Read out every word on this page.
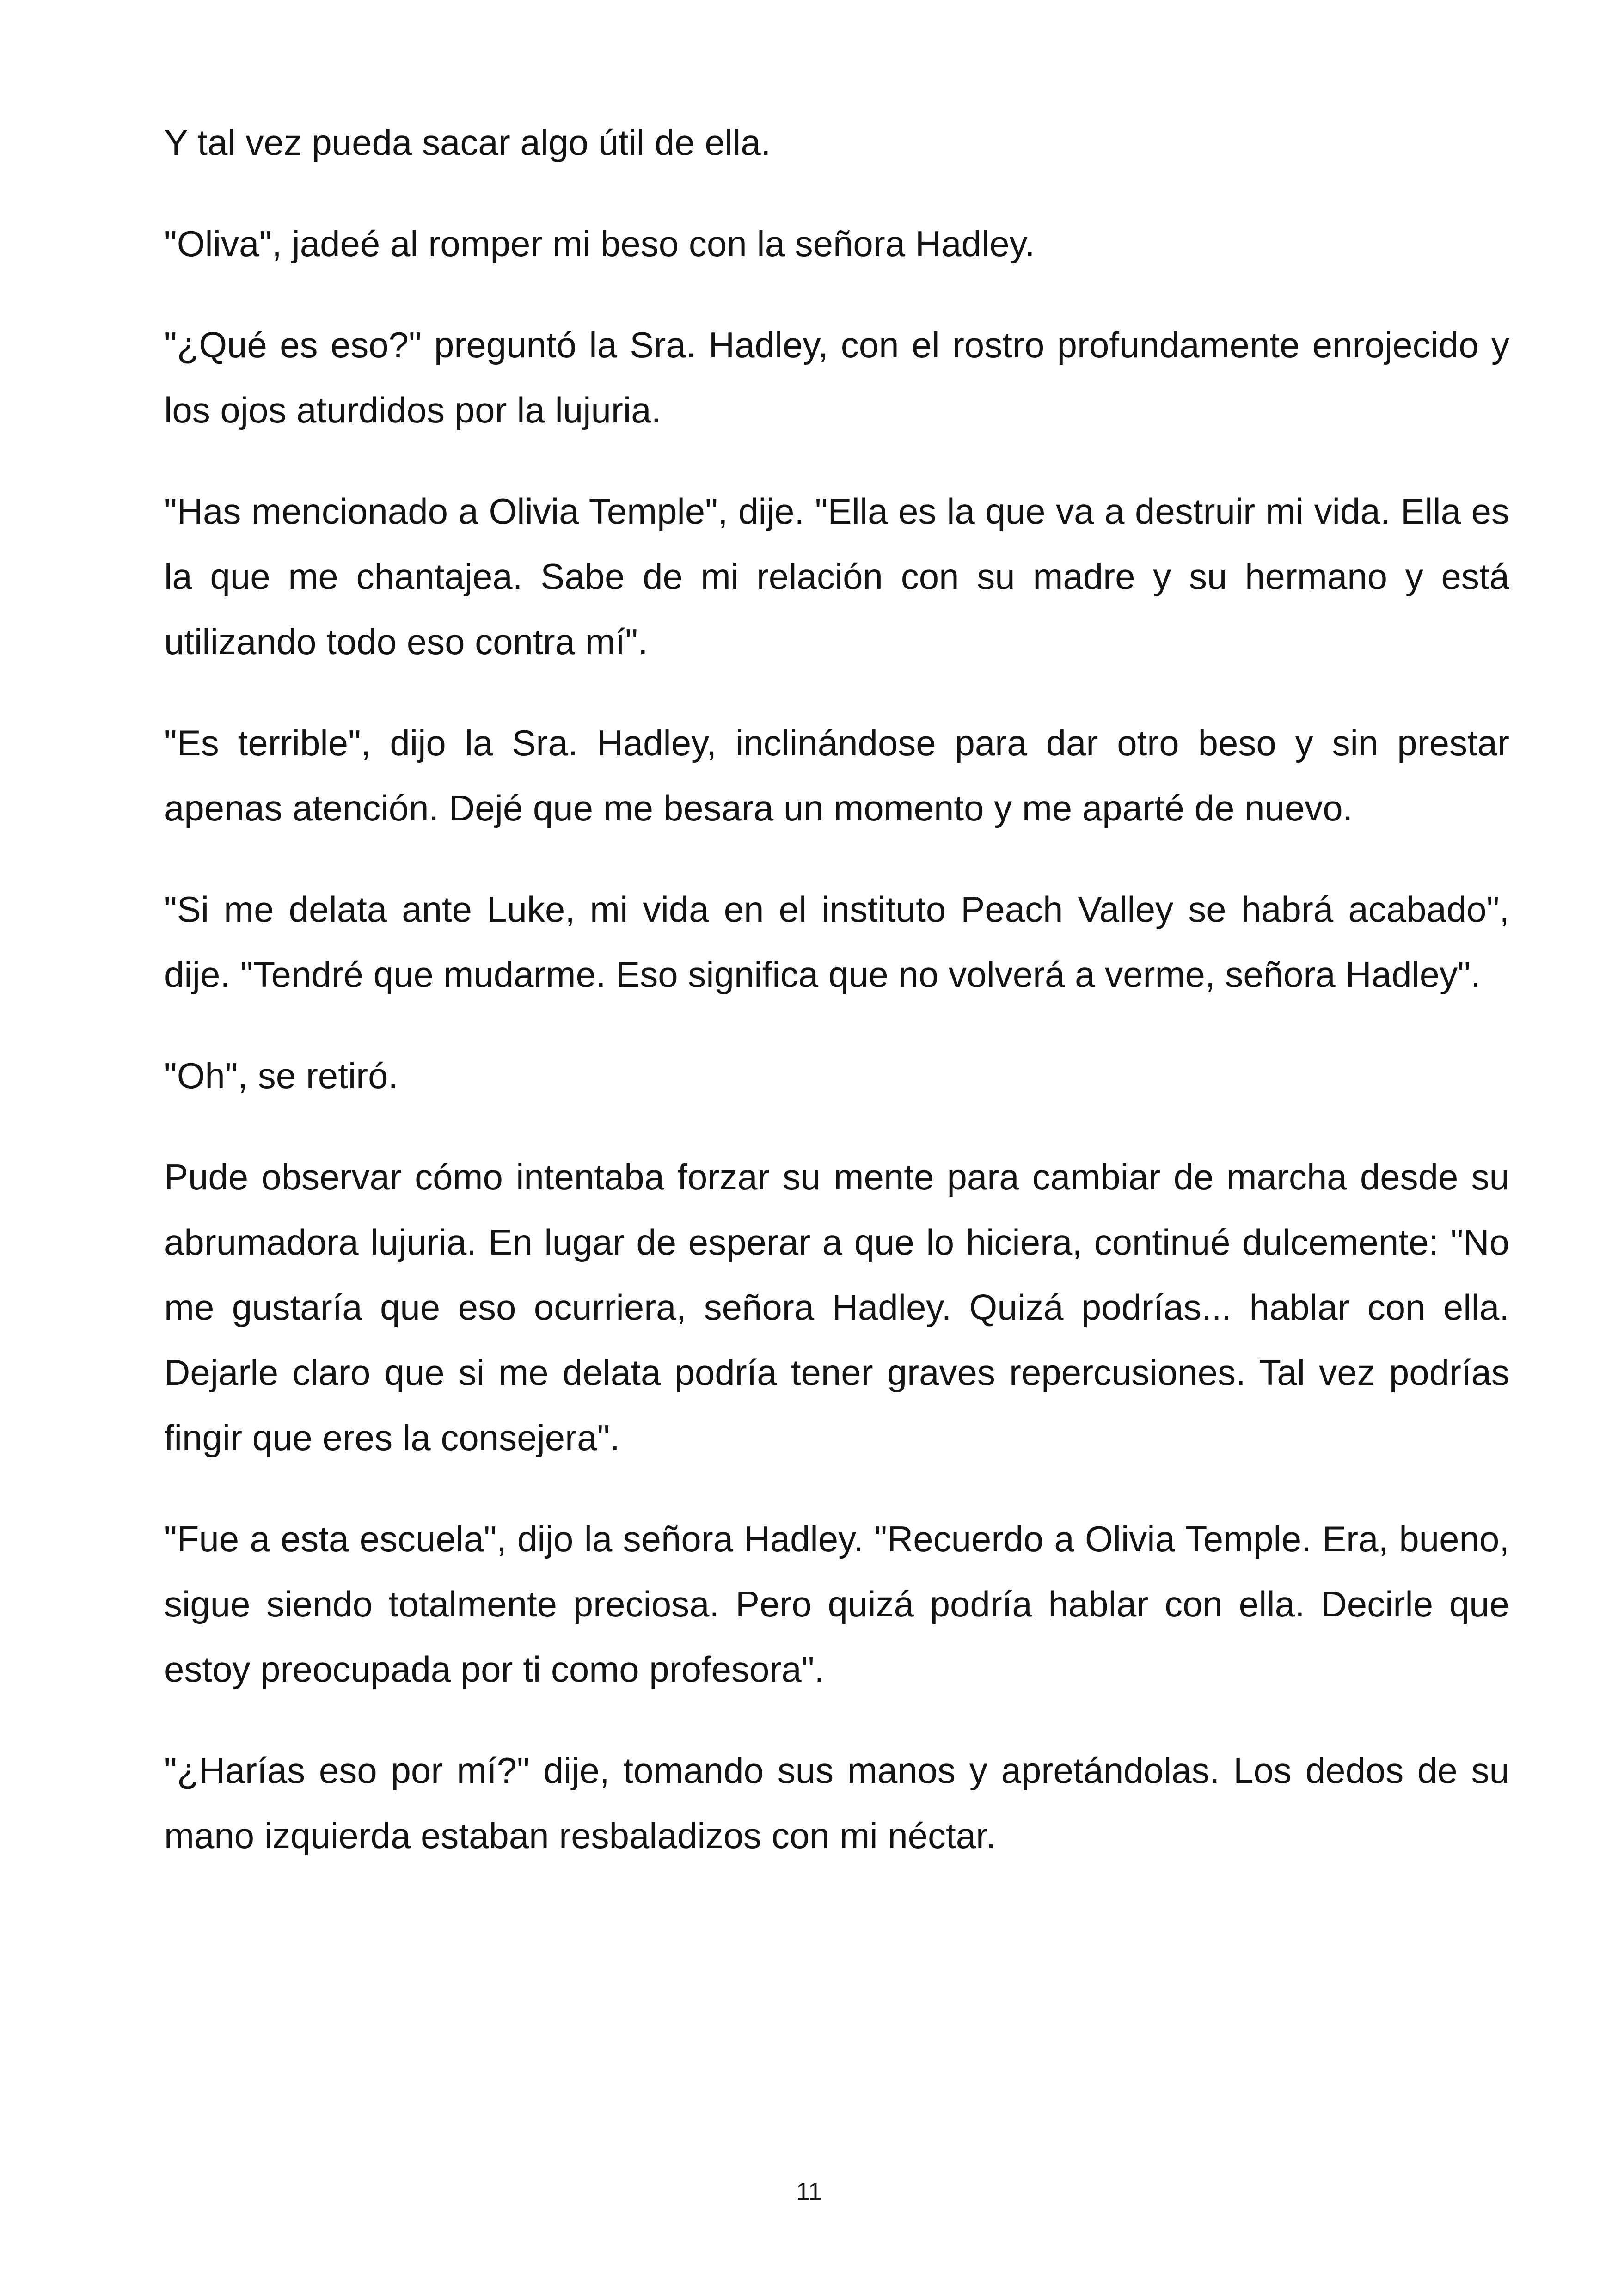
Y tal vez pueda sacar algo útil de ella.

"Oliva", jadeé al romper mi beso con la señora Hadley.

"¿Qué es eso?" preguntó la Sra. Hadley, con el rostro profundamente enrojecido y los ojos aturdidos por la lujuria.

"Has mencionado a Olivia Temple", dije. "Ella es la que va a destruir mi vida. Ella es la que me chantajea. Sabe de mi relación con su madre y su hermano y está utilizando todo eso contra mí".

"Es terrible", dijo la Sra. Hadley, inclinándose para dar otro beso y sin prestar apenas atención. Dejé que me besara un momento y me aparté de nuevo.

"Si me delata ante Luke, mi vida en el instituto Peach Valley se habrá acabado", dije. "Tendré que mudarme. Eso significa que no volverá a verme, señora Hadley".

"Oh", se retiró.

Pude observar cómo intentaba forzar su mente para cambiar de marcha desde su abrumadora lujuria. En lugar de esperar a que lo hiciera, continué dulcemente: "No me gustaría que eso ocurriera, señora Hadley. Quizá podrías... hablar con ella. Dejarle claro que si me delata podría tener graves repercusiones. Tal vez podrías fingir que eres la consejera".

"Fue a esta escuela", dijo la señora Hadley. "Recuerdo a Olivia Temple. Era, bueno, sigue siendo totalmente preciosa. Pero quizá podría hablar con ella. Decirle que estoy preocupada por ti como profesora".

"¿Harías eso por mí?" dije, tomando sus manos y apretándolas. Los dedos de su mano izquierda estaban resbaladizos con mi néctar.

11
